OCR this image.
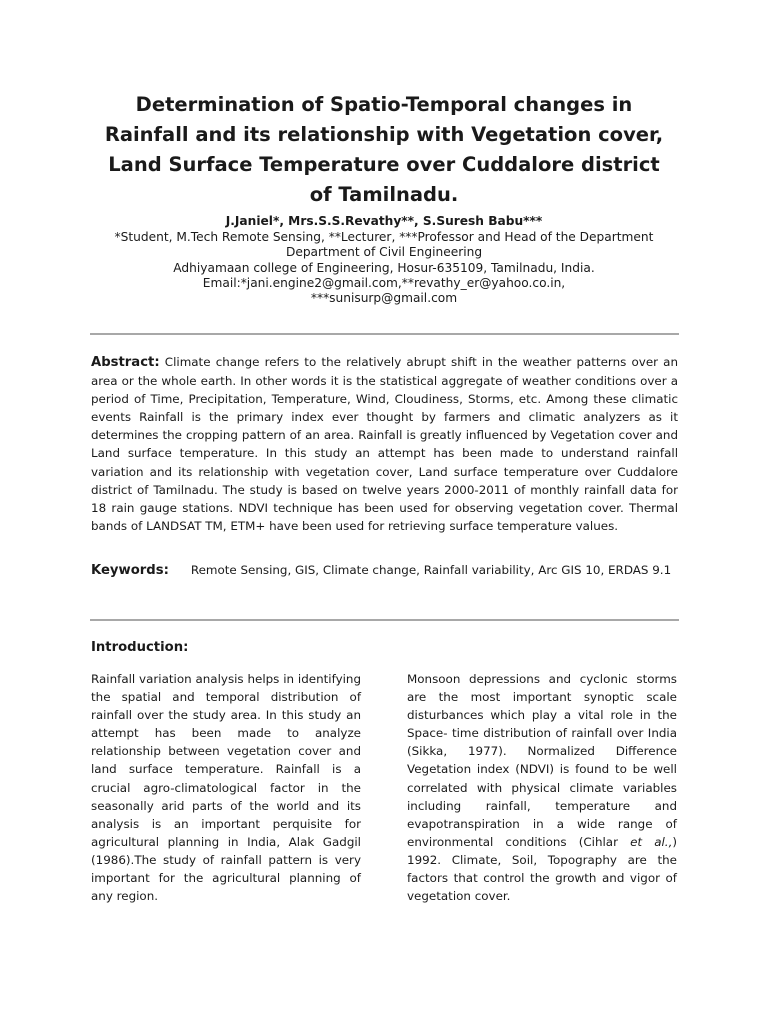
Determination of Spatio-Temporal changes in
Rainfall and its relationship with Vegetation cover,
Land Surface Temperature over Cuddalore district
of Tamilnadu.
J.Janiel*, Mrs.S.S.Revathy**, S.Suresh Babu***
*Student, M.Tech Remote Sensing, **Lecturer, ***Professor and Head of the Department
Department of Civil Engineering
Adhiyamaan college of Engineering, Hosur-635109, Tamilnadu, India.
Email:*jani.engine2@gmail.com,**revathy_er@yahoo.co.in,
***sunisurp@gmail.com

Abstract: Climate change refers to the relatively abrupt shift in the weather patterns over an area or the whole earth. In other words it is the statistical aggregate of weather conditions over a period of Time, Precipitation, Temperature, Wind, Cloudiness, Storms, etc. Among these climatic events Rainfall is the primary index ever thought by farmers and climatic analyzers as it determines the cropping pattern of an area. Rainfall is greatly influenced by Vegetation cover and Land surface temperature. In this study an attempt has been made to understand rainfall variation and its relationship with vegetation cover, Land surface temperature over Cuddalore district of Tamilnadu. The study is based on twelve years 2000-2011 of monthly rainfall data for 18 rain gauge stations. NDVI technique has been used for observing vegetation cover. Thermal bands of LANDSAT TM, ETM+ have been used for retrieving surface temperature values.

Keywords: Remote Sensing, GIS, Climate change, Rainfall variability, Arc GIS 10, ERDAS 9.1

Introduction:

Rainfall variation analysis helps in identifying the spatial and temporal distribution of rainfall over the study area. In this study an attempt has been made to analyze relationship between vegetation cover and land surface temperature. Rainfall is a crucial agro-climatological factor in the seasonally arid parts of the world and its analysis is an important perquisite for agricultural planning in India, Alak Gadgil (1986).The study of rainfall pattern is very important for the agricultural planning of any region.

Monsoon depressions and cyclonic storms are the most important synoptic scale disturbances which play a vital role in the Space- time distribution of rainfall over India (Sikka, 1977). Normalized Difference Vegetation index (NDVI) is found to be well correlated with physical climate variables including rainfall, temperature and evapotranspiration in a wide range of environmental conditions (Cihlar et al.,) 1992. Climate, Soil, Topography are the factors that control the growth and vigor of vegetation cover.
